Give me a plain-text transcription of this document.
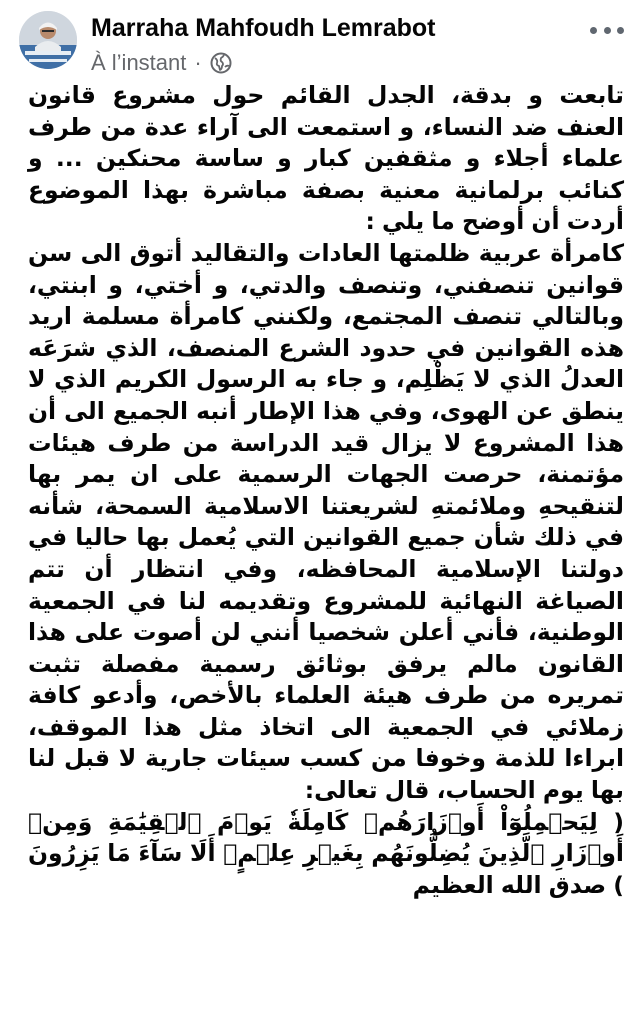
Marraha Mahfoudh Lemrabot
À l’instant ·

تابعت و بدقة، الجدل القائم حول مشروع قانون العنف ضد النساء، و استمعت الى آراء عدة من طرف علماء أجلاء و مثقفين كبار و ساسة محنكين ... و كنائب برلمانية معنية بصفة مباشرة بهذا الموضوع أردت أن أوضح ما يلي :

كامرأة عربية ظلمتها العادات والتقاليد أتوق الى سن قوانين تنصفني، وتنصف والدتي، و أختي، و ابنتي، وبالتالي تنصف المجتمع، ولكنني كامرأة مسلمة اريد هذه القوانين في حدود الشرع المنصف، الذي شرَعَه العدلُ الذي لا يَظْلِم، و جاء به الرسول الكريم الذي لا ينطق عن الهوى، وفي هذا الإطار أنبه الجميع الى أن هذا المشروع لا يزال قيد الدراسة من طرف هيئات مؤتمنة، حرصت الجهات الرسمية على ان يمر بها لتنقيحهِ وملائمتهِ لشريعتنا الاسلامية السمحة، شأنه في ذلك شأن جميع القوانين التي يُعمل بها حاليا في دولتنا الإسلامية المحافظه، وفي انتظار أن تتم الصياغة النهائية للمشروع وتقديمه لنا في الجمعية الوطنية، فأني أعلن شخصيا أنني لن أصوت على هذا القانون مالم يرفق بوثائق رسمية مفصلة تثبت تمريره من طرف هيئة العلماء بالأخص، وأدعو كافة زملائي في الجمعية الى اتخاذ مثل هذا الموقف، ابراءا للذمة وخوفا من كسب سيئات جارية لا قبل لنا بها يوم الحساب، قال تعالى:

( لِيَحۡمِلُوٓاْ أَوۡزَارَهُمۡ كَامِلَةٗ يَوۡمَ ٱلۡقِيَٰمَةِ وَمِنۡ أَوۡزَارِ ٱلَّذِينَ يُضِلُّونَهُم بِغَيۡرِ عِلۡمٍۗ أَلَا سَآءَ مَا يَزِرُونَ ) صدق الله العظيم
